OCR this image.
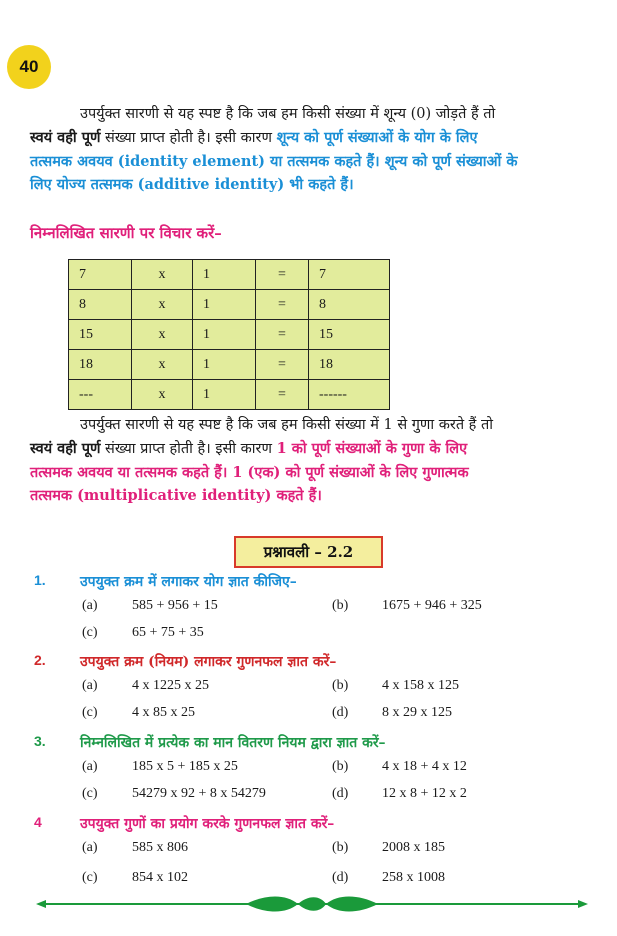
40
उपर्युक्त सारणी से यह स्पष्ट है कि जब हम किसी संख्या में शून्य (0) जोड़ते हैं तो
स्वयं वही पूर्ण संख्या प्राप्त होती है। इसी कारण शून्य को पूर्ण संख्याओं के योग के लिए
तत्समक अवयव (identity element) या तत्समक कहते हैं। शून्य को पूर्ण संख्याओं के
लिए योज्य तत्समक (additive identity) भी कहते हैं।
निम्नलिखित सारणी पर विचार करें–
7	x	1	=	7
8	x	1	=	8
15	x	1	=	15
18	x	1	=	18
---	x	1	=	------
उपर्युक्त सारणी से यह स्पष्ट है कि जब हम किसी संख्या में 1 से गुणा करते हैं तो
स्वयं वही पूर्ण संख्या प्राप्त होती है। इसी कारण 1 को पूर्ण संख्याओं के गुणा के लिए
तत्समक अवयव या तत्समक कहते हैं। 1 (एक) को पूर्ण संख्याओं के लिए गुणात्मक
तत्समक (multiplicative identity) कहते हैं।
प्रश्नावली – 2.2
1.	उपयुक्त क्रम में लगाकर योग ज्ञात कीजिए–
(a) 585 + 956 + 15	(b) 1675 + 946 + 325
(c) 65 + 75 + 35
2.	उपयुक्त क्रम (नियम) लगाकर गुणनफल ज्ञात करें–
(a) 4 x 1225 x 25	(b) 4 x 158 x 125
(c) 4 x 85 x 25	(d) 8 x 29 x 125
3.	निम्नलिखित में प्रत्येक का मान वितरण नियम द्वारा ज्ञात करें–
(a) 185 x 5 + 185 x 25	(b) 4 x 18 + 4 x 12
(c) 54279 x 92 + 8 x 54279	(d) 12 x 8 + 12 x 2
4	उपयुक्त गुणों का प्रयोग करके गुणनफल ज्ञात करें–
(a) 585 x 806	(b) 2008 x 185
(c) 854 x 102	(d) 258 x 1008
